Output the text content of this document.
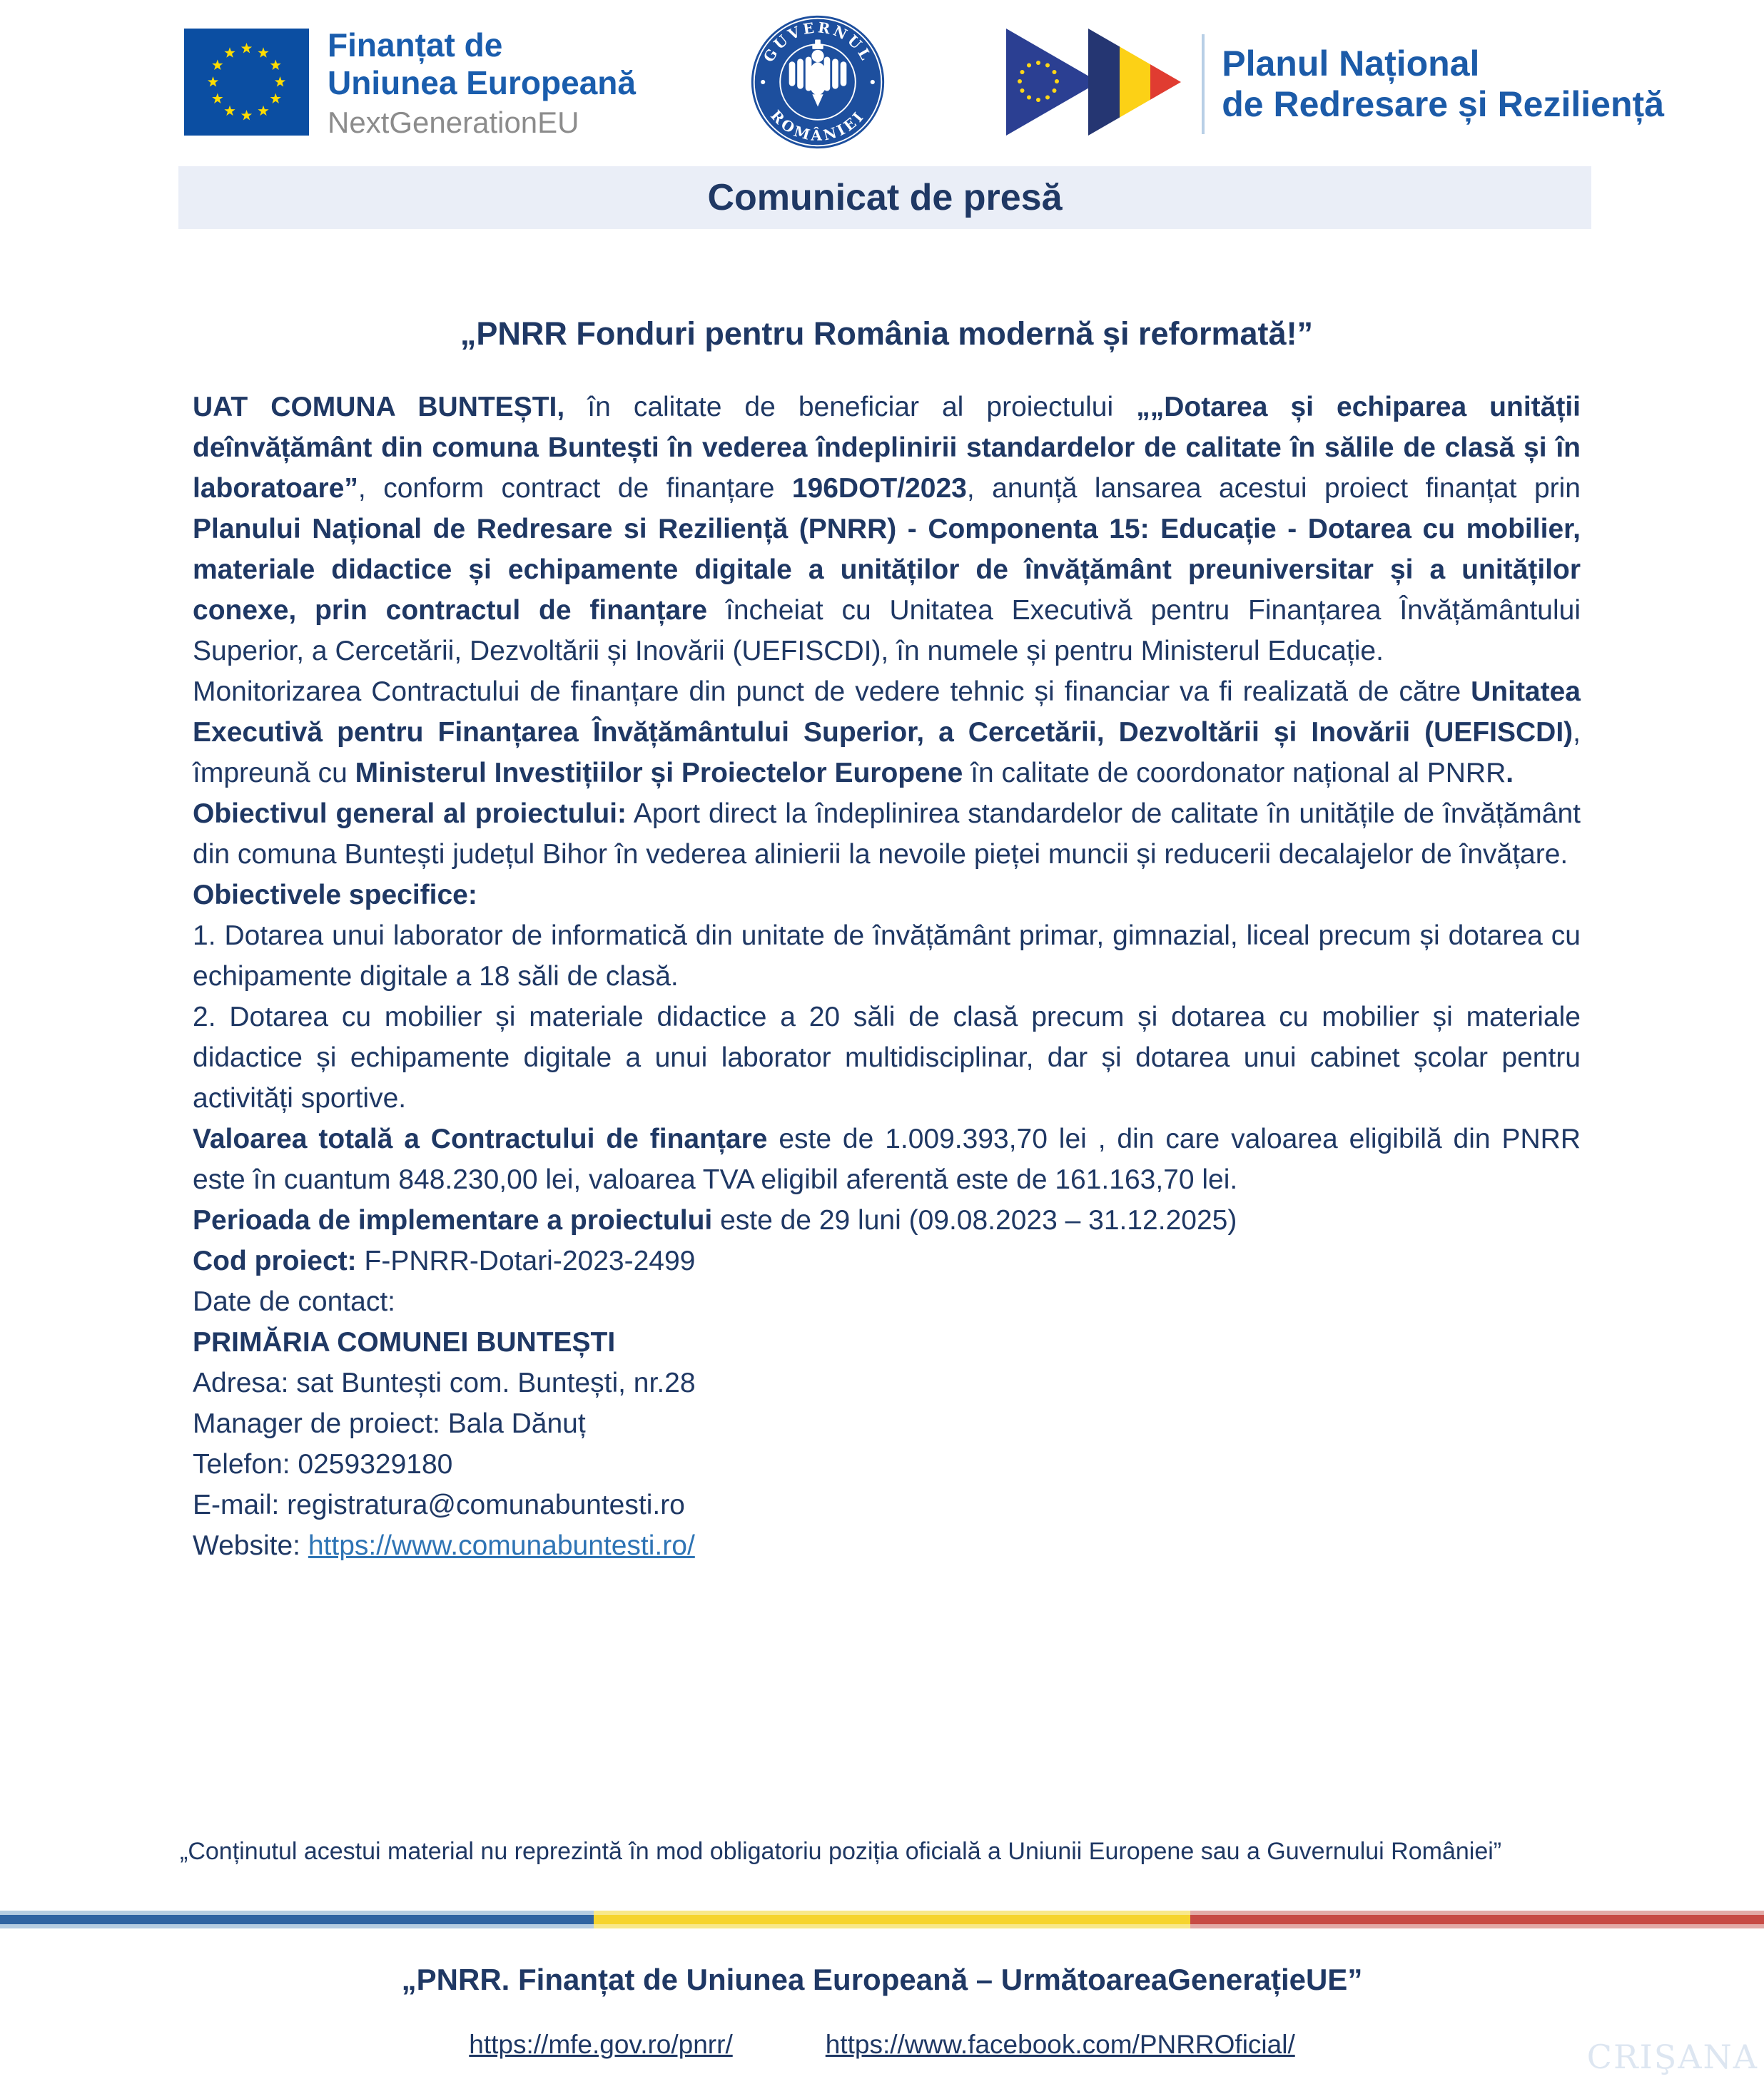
Finanțat de
Uniunea Europeană
NextGenerationEU
GUVERNUL
ROMÂNIEI
Planul Național
de Redresare și Reziliență
Comunicat de presă
„PNRR Fonduri pentru România modernă și reformată!”

UAT COMUNA BUNTEȘTI, în calitate de beneficiar al proiectului „„Dotarea și echiparea unității deînvățământ din comuna Buntești în vederea îndeplinirii standardelor de calitate în sălile de clasă și în laboratoare”, conform contract de finanțare 196DOT/2023, anunță lansarea acestui proiect finanțat prin Planului Național de Redresare si Reziliență (PNRR) - Componenta 15: Educație - Dotarea cu mobilier, materiale didactice și echipamente digitale a unităților de învățământ preuniversitar și a unităților conexe, prin contractul de finanțare încheiat cu Unitatea Executivă pentru Finanțarea Învățământului Superior, a Cercetării, Dezvoltării și Inovării (UEFISCDI), în numele și pentru Ministerul Educație.

Monitorizarea Contractului de finanțare din punct de vedere tehnic și financiar va fi realizată de către Unitatea Executivă pentru Finanțarea Învățământului Superior, a Cercetării, Dezvoltării și Inovării (UEFISCDI), împreună cu Ministerul Investițiilor și Proiectelor Europene în calitate de coordonator național al PNRR.

Obiectivul general al proiectului: Aport direct la îndeplinirea standardelor de calitate în unitățile de învățământ din comuna Buntești județul Bihor în vederea alinierii la nevoile pieței muncii și reducerii decalajelor de învățare.

Obiectivele specifice:

1. Dotarea unui laborator de informatică din unitate de învățământ primar, gimnazial, liceal precum și dotarea cu echipamente digitale a 18 săli de clasă.

2. Dotarea cu mobilier și materiale didactice a 20 săli de clasă precum și dotarea cu mobilier și materiale didactice și echipamente digitale a unui laborator multidisciplinar, dar și dotarea unui cabinet școlar pentru activități sportive.

Valoarea totală a Contractului de finanțare este de 1.009.393,70 lei , din care valoarea eligibilă din PNRR este în cuantum 848.230,00 lei, valoarea TVA eligibil aferentă este de 161.163,70 lei.

Perioada de implementare a proiectului este de 29 luni (09.08.2023 – 31.12.2025)

Cod proiect: F-PNRR-Dotari-2023-2499

Date de contact:

PRIMĂRIA COMUNEI BUNTEȘTI

Adresa: sat Buntești com. Buntești, nr.28

Manager de proiect: Bala Dănuț

Telefon: 0259329180

E-mail: registratura@comunabuntesti.ro

Website: https://www.comunabuntesti.ro/

„Conținutul acestui material nu reprezintă în mod obligatoriu poziția oficială a Uniunii Europene sau a Guvernului României”
„PNRR. Finanțat de Uniunea Europeană – UrmătoareaGenerațieUE”
https://mfe.gov.ro/pnrr/	https://www.facebook.com/PNRROficial/	CRIŞANA
